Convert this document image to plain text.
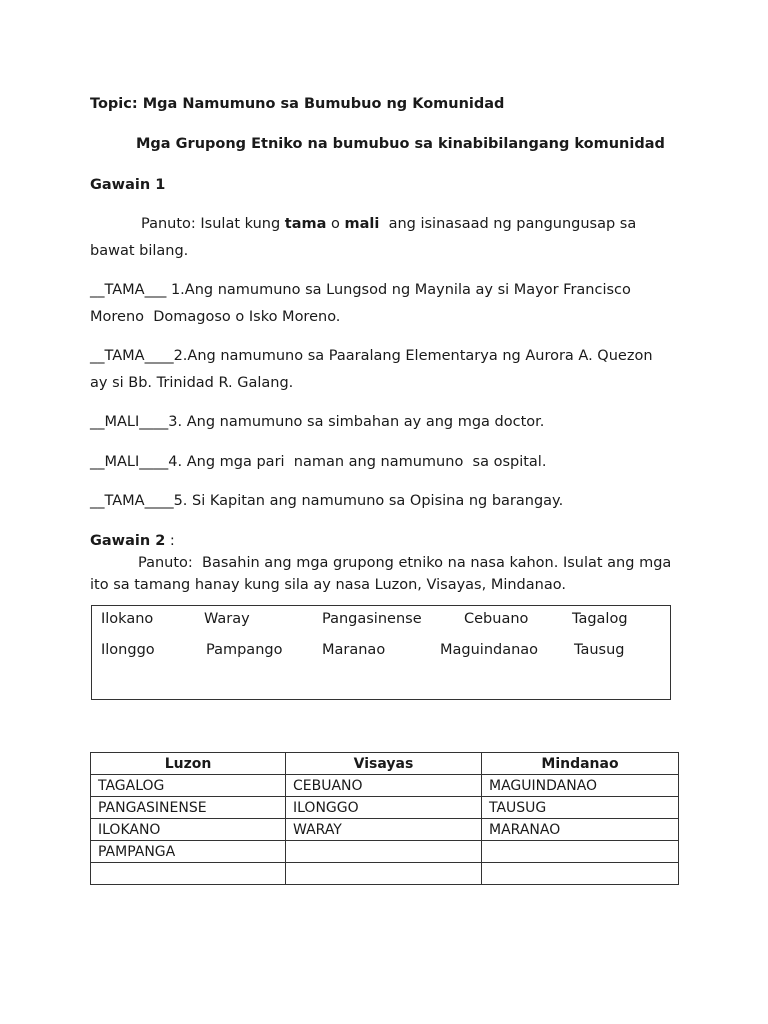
Topic: Mga Namumuno sa Bumubuo ng Komunidad
Mga Grupong Etniko na bumubuo sa kinabibilangang komunidad
Gawain 1
Panuto: Isulat kung tama o mali  ang isinasaad ng pangungusap sa
bawat bilang.
__TAMA___ 1.Ang namumuno sa Lungsod ng Maynila ay si Mayor Francisco
Moreno  Domagoso o Isko Moreno.
__TAMA____2.Ang namumuno sa Paaralang Elementarya ng Aurora A. Quezon
ay si Bb. Trinidad R. Galang.
__MALI____3. Ang namumuno sa simbahan ay ang mga doctor.
__MALI____4. Ang mga pari  naman ang namumuno  sa ospital.
__TAMA____5. Si Kapitan ang namumuno sa Opisina ng barangay.
Gawain 2 :
Panuto:  Basahin ang mga grupong etniko na nasa kahon. Isulat ang mga
ito sa tamang hanay kung sila ay nasa Luzon, Visayas, Mindanao.
Ilokano	Waray	Pangasinense	Cebuano	Tagalog
Ilonggo	Pampango	Maranao	Maguindanao Tausug
Luzon	Visayas	Mindanao
TAGALOG	CEBUANO	MAGUINDANAO
PANGASINENSE	ILONGGO	TAUSUG
ILOKANO	WARAY	MARANAO
PAMPANGA		
